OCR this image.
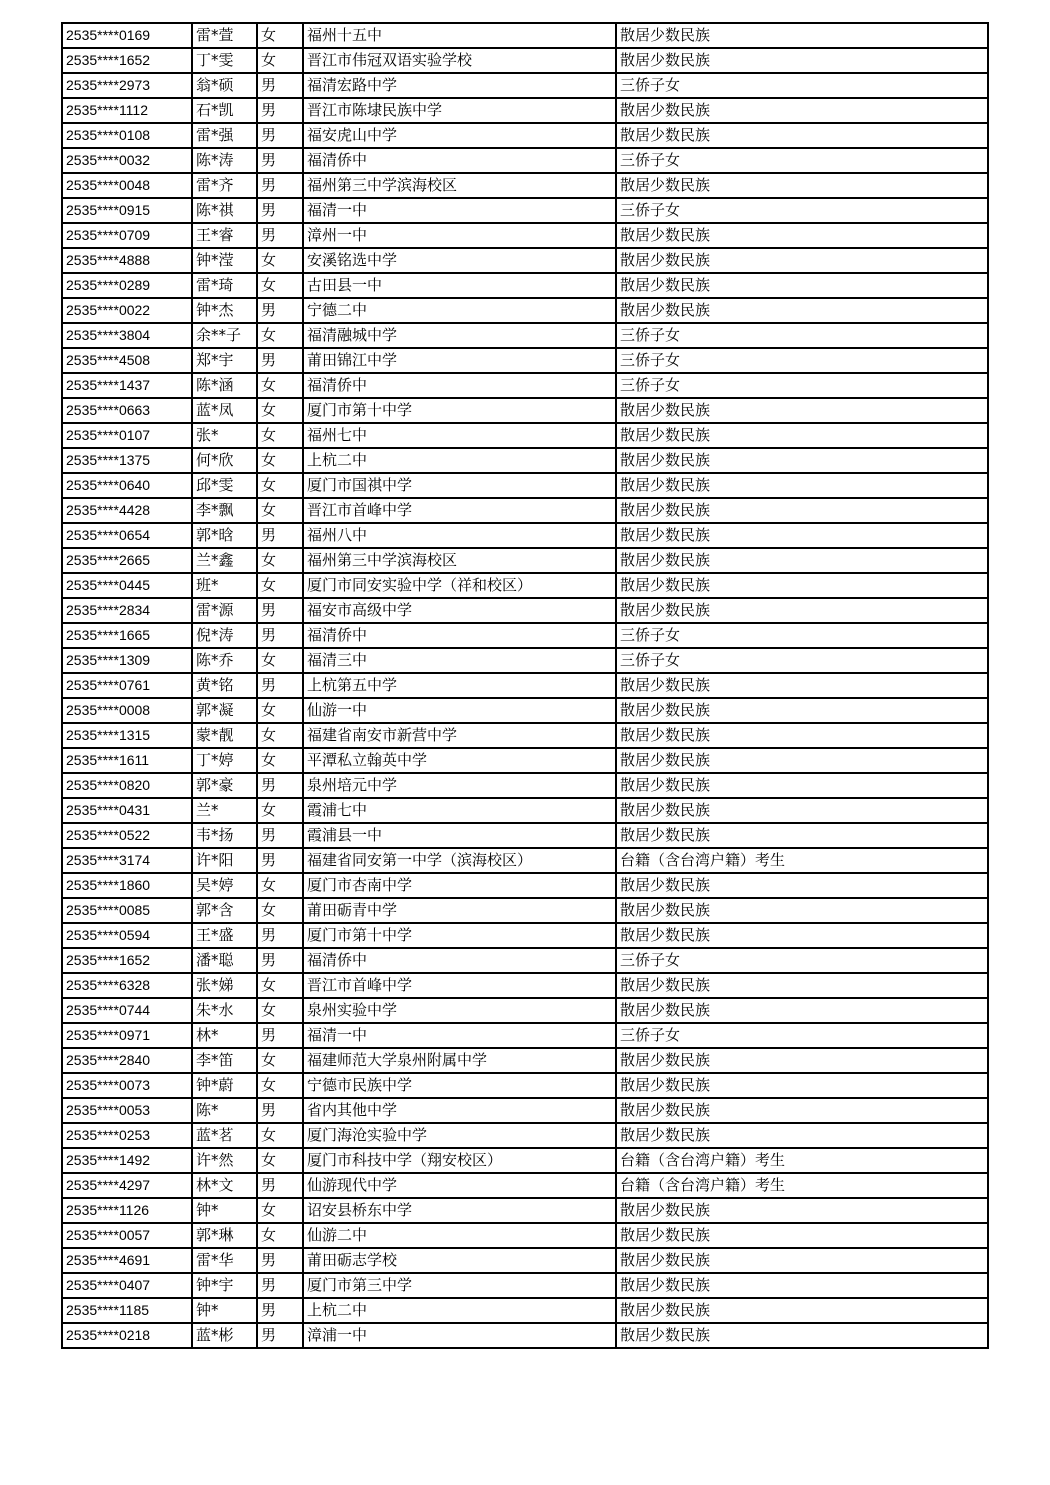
2535****0169	雷*萱	女	福州十五中	散居少数民族
2535****1652	丁*雯	女	晋江市伟冠双语实验学校	散居少数民族
2535****2973	翁*硕	男	福清宏路中学	三侨子女
2535****1112	石*凯	男	晋江市陈埭民族中学	散居少数民族
2535****0108	雷*强	男	福安虎山中学	散居少数民族
2535****0032	陈*涛	男	福清侨中	三侨子女
2535****0048	雷*齐	男	福州第三中学滨海校区	散居少数民族
2535****0915	陈*祺	男	福清一中	三侨子女
2535****0709	王*睿	男	漳州一中	散居少数民族
2535****4888	钟*滢	女	安溪铭选中学	散居少数民族
2535****0289	雷*琦	女	古田县一中	散居少数民族
2535****0022	钟*杰	男	宁德二中	散居少数民族
2535****3804	余**子	女	福清融城中学	三侨子女
2535****4508	郑*宇	男	莆田锦江中学	三侨子女
2535****1437	陈*涵	女	福清侨中	三侨子女
2535****0663	蓝*凤	女	厦门市第十中学	散居少数民族
2535****0107	张*	女	福州七中	散居少数民族
2535****1375	何*欣	女	上杭二中	散居少数民族
2535****0640	邱*雯	女	厦门市国祺中学	散居少数民族
2535****4428	李*飘	女	晋江市首峰中学	散居少数民族
2535****0654	郭*晗	男	福州八中	散居少数民族
2535****2665	兰*鑫	女	福州第三中学滨海校区	散居少数民族
2535****0445	班*	女	厦门市同安实验中学（祥和校区）	散居少数民族
2535****2834	雷*源	男	福安市高级中学	散居少数民族
2535****1665	倪*涛	男	福清侨中	三侨子女
2535****1309	陈*乔	女	福清三中	三侨子女
2535****0761	黄*铭	男	上杭第五中学	散居少数民族
2535****0008	郭*凝	女	仙游一中	散居少数民族
2535****1315	蒙*靓	女	福建省南安市新营中学	散居少数民族
2535****1611	丁*婷	女	平潭私立翰英中学	散居少数民族
2535****0820	郭*豪	男	泉州培元中学	散居少数民族
2535****0431	兰*	女	霞浦七中	散居少数民族
2535****0522	韦*扬	男	霞浦县一中	散居少数民族
2535****3174	许*阳	男	福建省同安第一中学（滨海校区）	台籍（含台湾户籍）考生
2535****1860	吴*婷	女	厦门市杏南中学	散居少数民族
2535****0085	郭*含	女	莆田砺青中学	散居少数民族
2535****0594	王*盛	男	厦门市第十中学	散居少数民族
2535****1652	潘*聪	男	福清侨中	三侨子女
2535****6328	张*娣	女	晋江市首峰中学	散居少数民族
2535****0744	朱*水	女	泉州实验中学	散居少数民族
2535****0971	林*	男	福清一中	三侨子女
2535****2840	李*笛	女	福建师范大学泉州附属中学	散居少数民族
2535****0073	钟*蔚	女	宁德市民族中学	散居少数民族
2535****0053	陈*	男	省内其他中学	散居少数民族
2535****0253	蓝*茗	女	厦门海沧实验中学	散居少数民族
2535****1492	许*然	女	厦门市科技中学（翔安校区）	台籍（含台湾户籍）考生
2535****4297	林*文	男	仙游现代中学	台籍（含台湾户籍）考生
2535****1126	钟*	女	诏安县桥东中学	散居少数民族
2535****0057	郭*琳	女	仙游二中	散居少数民族
2535****4691	雷*华	男	莆田砺志学校	散居少数民族
2535****0407	钟*宇	男	厦门市第三中学	散居少数民族
2535****1185	钟*	男	上杭二中	散居少数民族
2535****0218	蓝*彬	男	漳浦一中	散居少数民族
